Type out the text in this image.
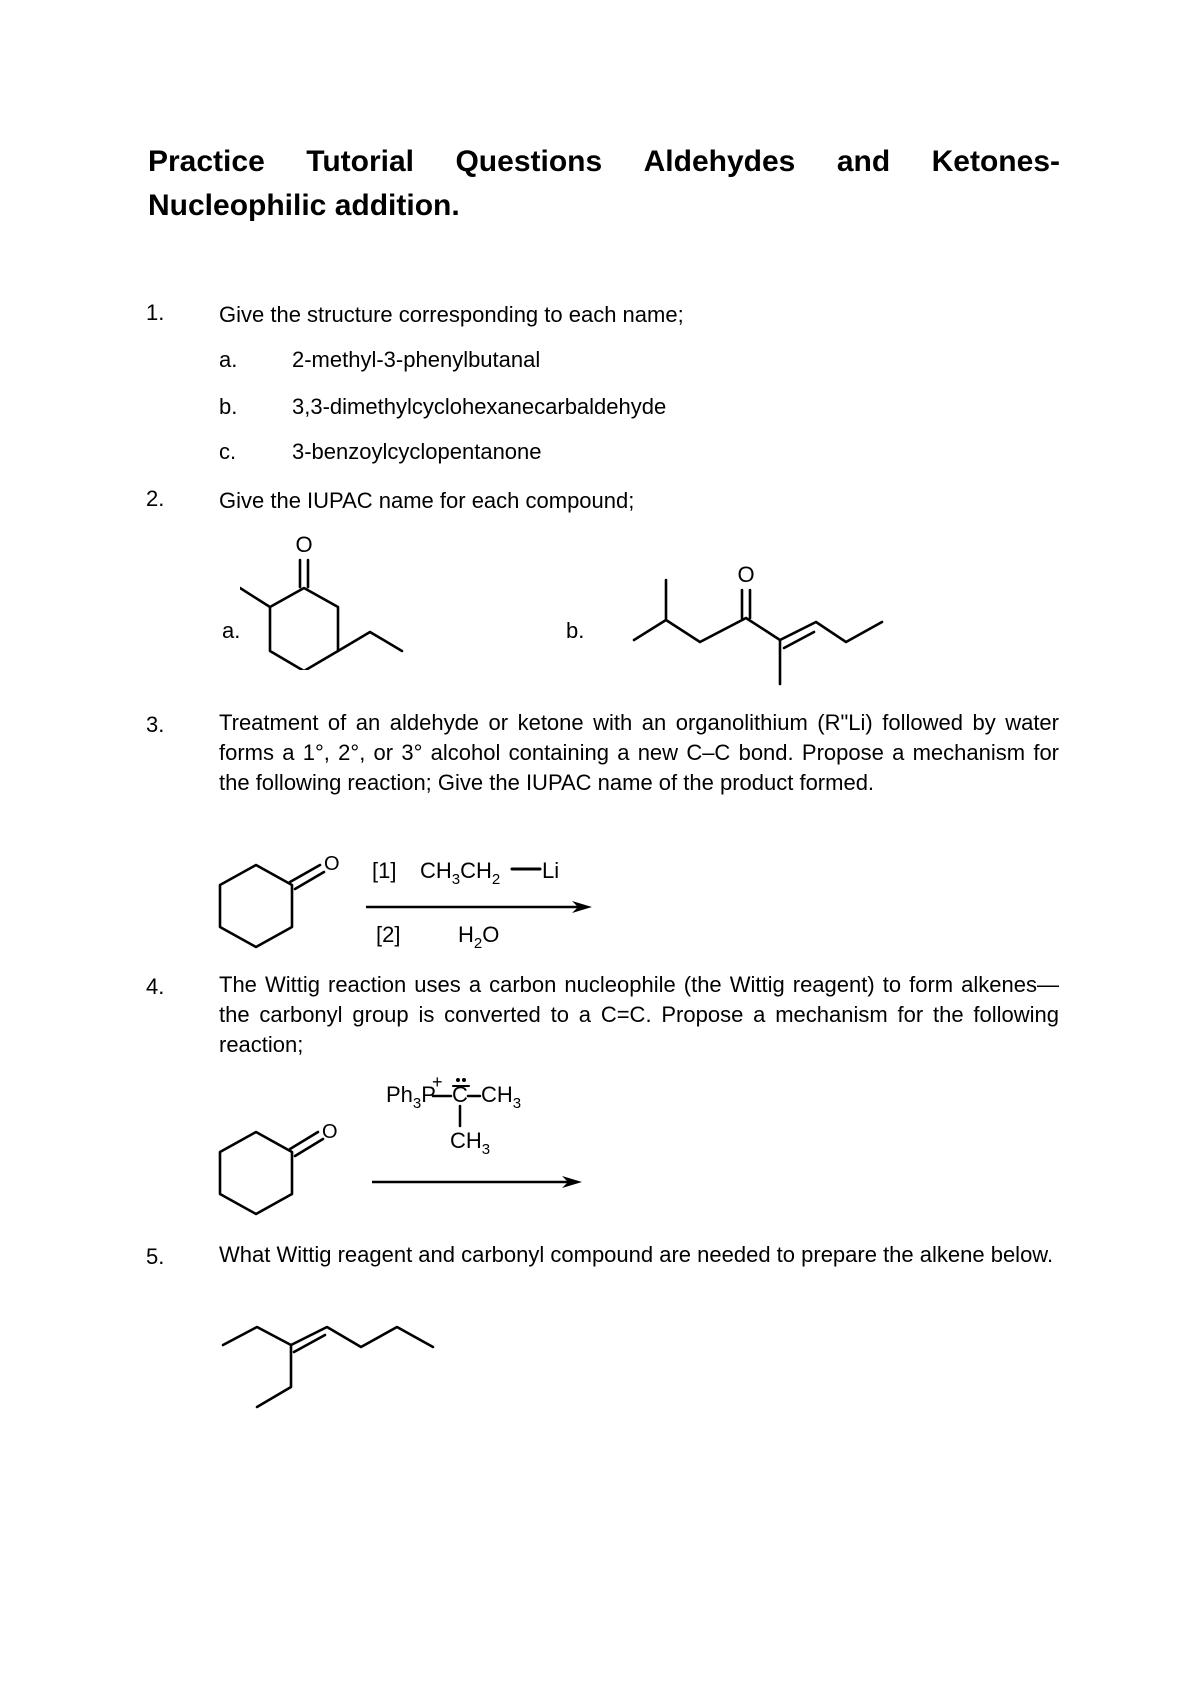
Practice Tutorial Questions Aldehydes and Ketones-
Nucleophilic addition.
1. Give the structure corresponding to each name;
a. 2-methyl-3-phenylbutanal
b. 3,3-dimethylcyclohexanecarbaldehyde
c.	3-benzoylcyclopentanone
2. Give the IUPAC name for each compound;
a.	b.
O
O
3. Treatment of an aldehyde or ketone with an organolithium (R"Li) followed by water forms a 1°, 2°, or 3° alcohol containing a new C–C bond. Propose a mechanism for the following reaction; Give the IUPAC name of the product formed.
O [1] $CH_3CH_2$ Li
[2]	$H_2O$
4. The Wittig reaction uses a carbon nucleophile (the Wittig reagent) to form alkenes—the carbonyl group is converted to a C=C. Propose a mechanism for the following reaction;
O
$Ph_3P$
+ C $CH_3$
$CH_3$
5. What Wittig reagent and carbonyl compound are needed to prepare the alkene below.
